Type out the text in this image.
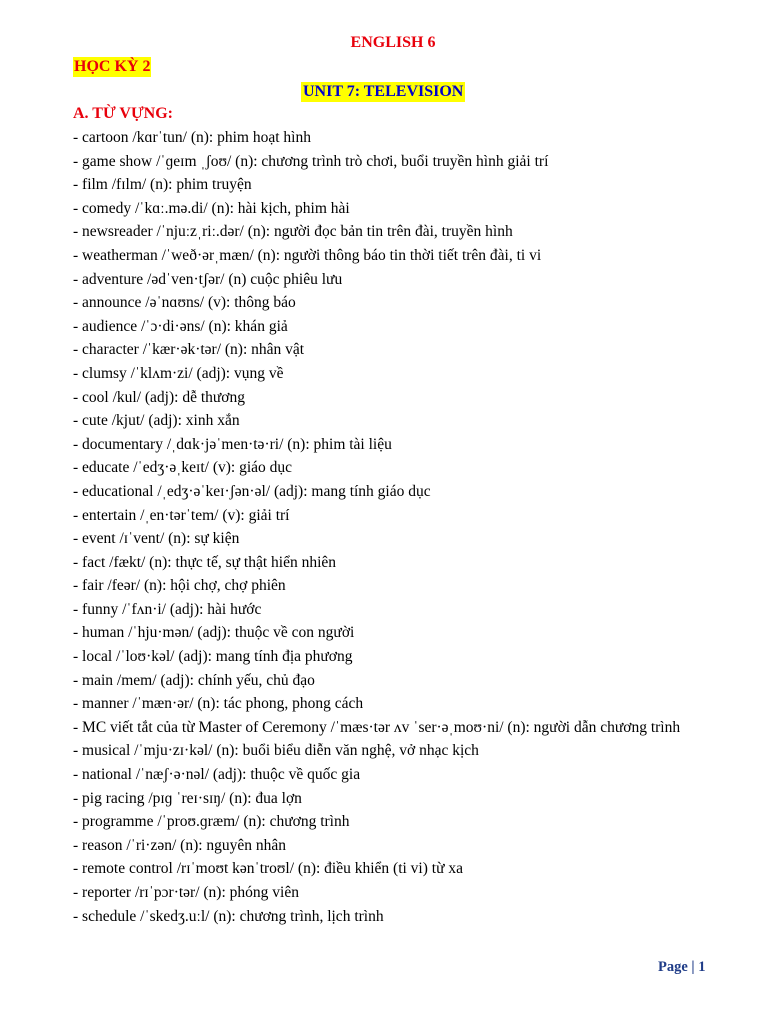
ENGLISH 6
HỌC KỲ 2
UNIT 7: TELEVISION
A. TỪ VỰNG:
- cartoon /kɑrˈtun/ (n): phim hoạt hình
- game show /ˈɡeɪm ˌʃoʊ/ (n): chương trình trò chơi, buổi truyền hình giải trí
- film /fɪlm/ (n): phim truyện
- comedy /ˈkɑː.mə.di/ (n): hài kịch, phim hài
- newsreader /ˈnjuːzˌriː.dər/ (n): người đọc bản tin trên đài, truyền hình
- weatherman /ˈweð·ərˌmæn/ (n): người thông báo tin thời tiết trên đài, ti vi
- adventure /ədˈven·tʃər/ (n) cuộc phiêu lưu
- announce /əˈnɑʊns/ (v): thông báo
- audience /ˈɔ·di·əns/ (n): khán giả
- character /ˈkær·ək·tər/ (n): nhân vật
- clumsy /ˈklʌm·zi/ (adj): vụng về
- cool /kul/ (adj): dễ thương
- cute /kjut/ (adj): xinh xắn
- documentary /ˌdɑk·jəˈmen·tə·ri/ (n): phim tài liệu
- educate /ˈedʒ·əˌkeɪt/ (v): giáo dục
- educational /ˌedʒ·əˈkeɪ·ʃən·əl/ (adj): mang tính giáo dục
- entertain /ˌen·tərˈtem/ (v): giải trí
- event /ɪˈvent/ (n): sự kiện
- fact /fækt/ (n): thực tế, sự thật hiển nhiên
- fair /feər/ (n): hội chợ, chợ phiên
- funny /ˈfʌn·i/ (adj): hài hước
- human /ˈhju·mən/ (adj): thuộc về con người
- local /ˈloʊ·kəl/ (adj): mang tính địa phương
- main /mem/ (adj): chính yếu, chủ đạo
- manner /ˈmæn·ər/ (n): tác phong, phong cách
- MC viết tắt của từ Master of Ceremony /ˈmæs·tər ʌv ˈser·əˌmoʊ·ni/ (n): người dẫn chương trình
- musical /ˈmju·zɪ·kəl/ (n): buổi biểu diễn văn nghệ, vở nhạc kịch
- national /ˈnæʃ·ə·nəl/ (adj): thuộc về quốc gia
- pig racing /pɪɡ ˈreɪ·sɪŋ/ (n): đua lợn
- programme /ˈproʊ.ɡræm/ (n): chương trình
- reason /ˈri·zən/ (n): nguyên nhân
- remote control /rɪˈmoʊt kənˈtroʊl/ (n): điều khiển (ti vi) từ xa
- reporter /rɪˈpɔr·tər/ (n): phóng viên
- schedule /ˈskedʒ.uːl/ (n): chương trình, lịch trình
Page | 1
